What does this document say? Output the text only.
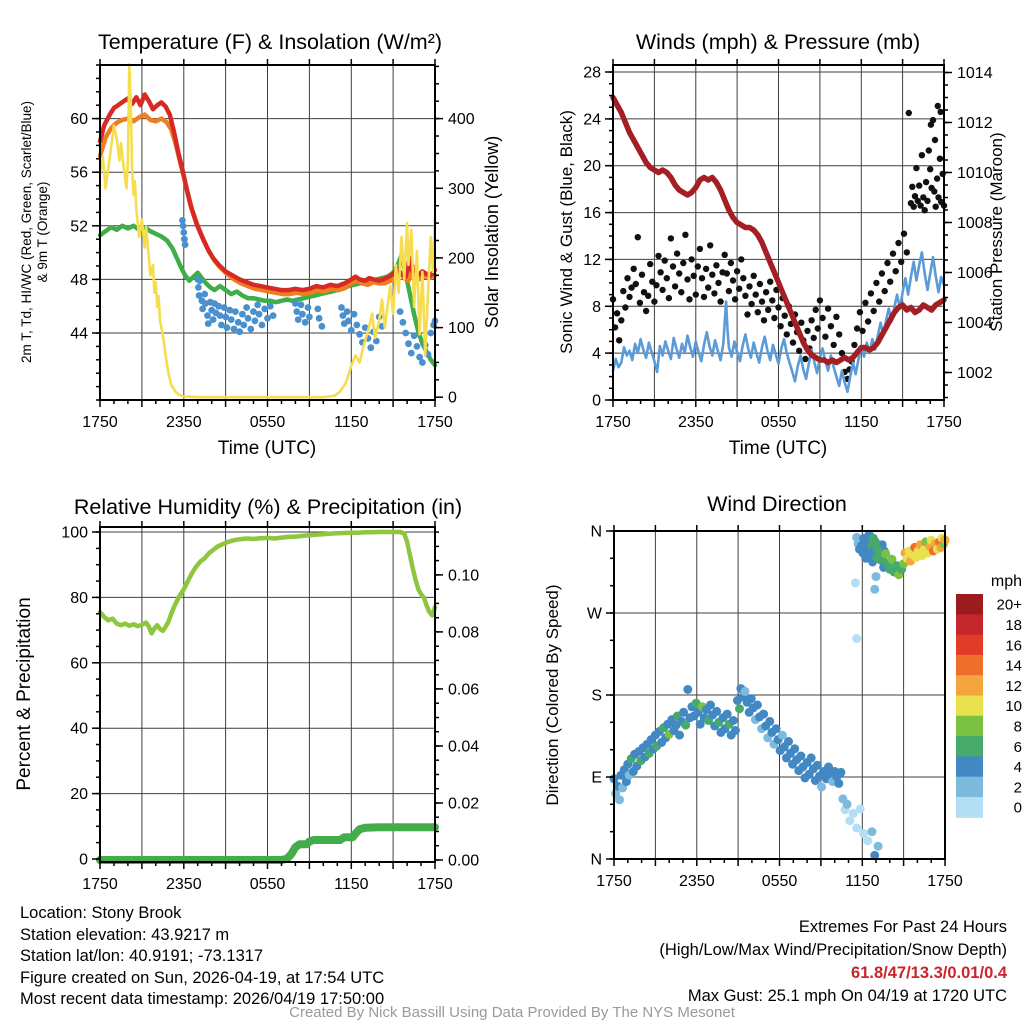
Temperature (F) & Insolation (W/m²)
2m T, Td, HI/WC (Red, Green, Scarlet/Blue) & 9m T (Orange)	Solar Insolation (Yellow)
Time (UTC)
Winds (mph) & Pressure (mb)
Sonic Wind & Gust (Blue, Black)	Station Pressure (Maroon)
Time (UTC)
Relative Humidity (%) & Precipitation (in)
Percent & Precipitation
Wind Direction
Direction (Colored By Speed)
1750	2350	0550	1150	1750
44
48
52
56
60
0
100
200
300
400
1750	2350	0550	1150	1750
0
4
8
12
16
20
24
28
1002
1004
1006
1008
1010
1012
1014
1750	2350	0550	1150	1750
0
20
40
60
80
100
0.00
0.02
0.04
0.06
0.08
0.10
1750	2350	0550	1150	1750
N
W
S
E
N
mph
20+
18
16
14
12
10
8
6
4
2
0
Location: Stony Brook
Station elevation: 43.9217 m
Station lat/lon: 40.9191; -73.1317
Figure created on Sun, 2026-04-19, at 17:54 UTC
Most recent data timestamp: 2026/04/19 17:50:00
Extremes For Past 24 Hours
(High/Low/Max Wind/Precipitation/Snow Depth)
61.8/47/13.3/0.01/0.4
Max Gust: 25.1 mph On 04/19 at 1720 UTC
Created By Nick Bassill Using Data Provided By The NYS Mesonet
